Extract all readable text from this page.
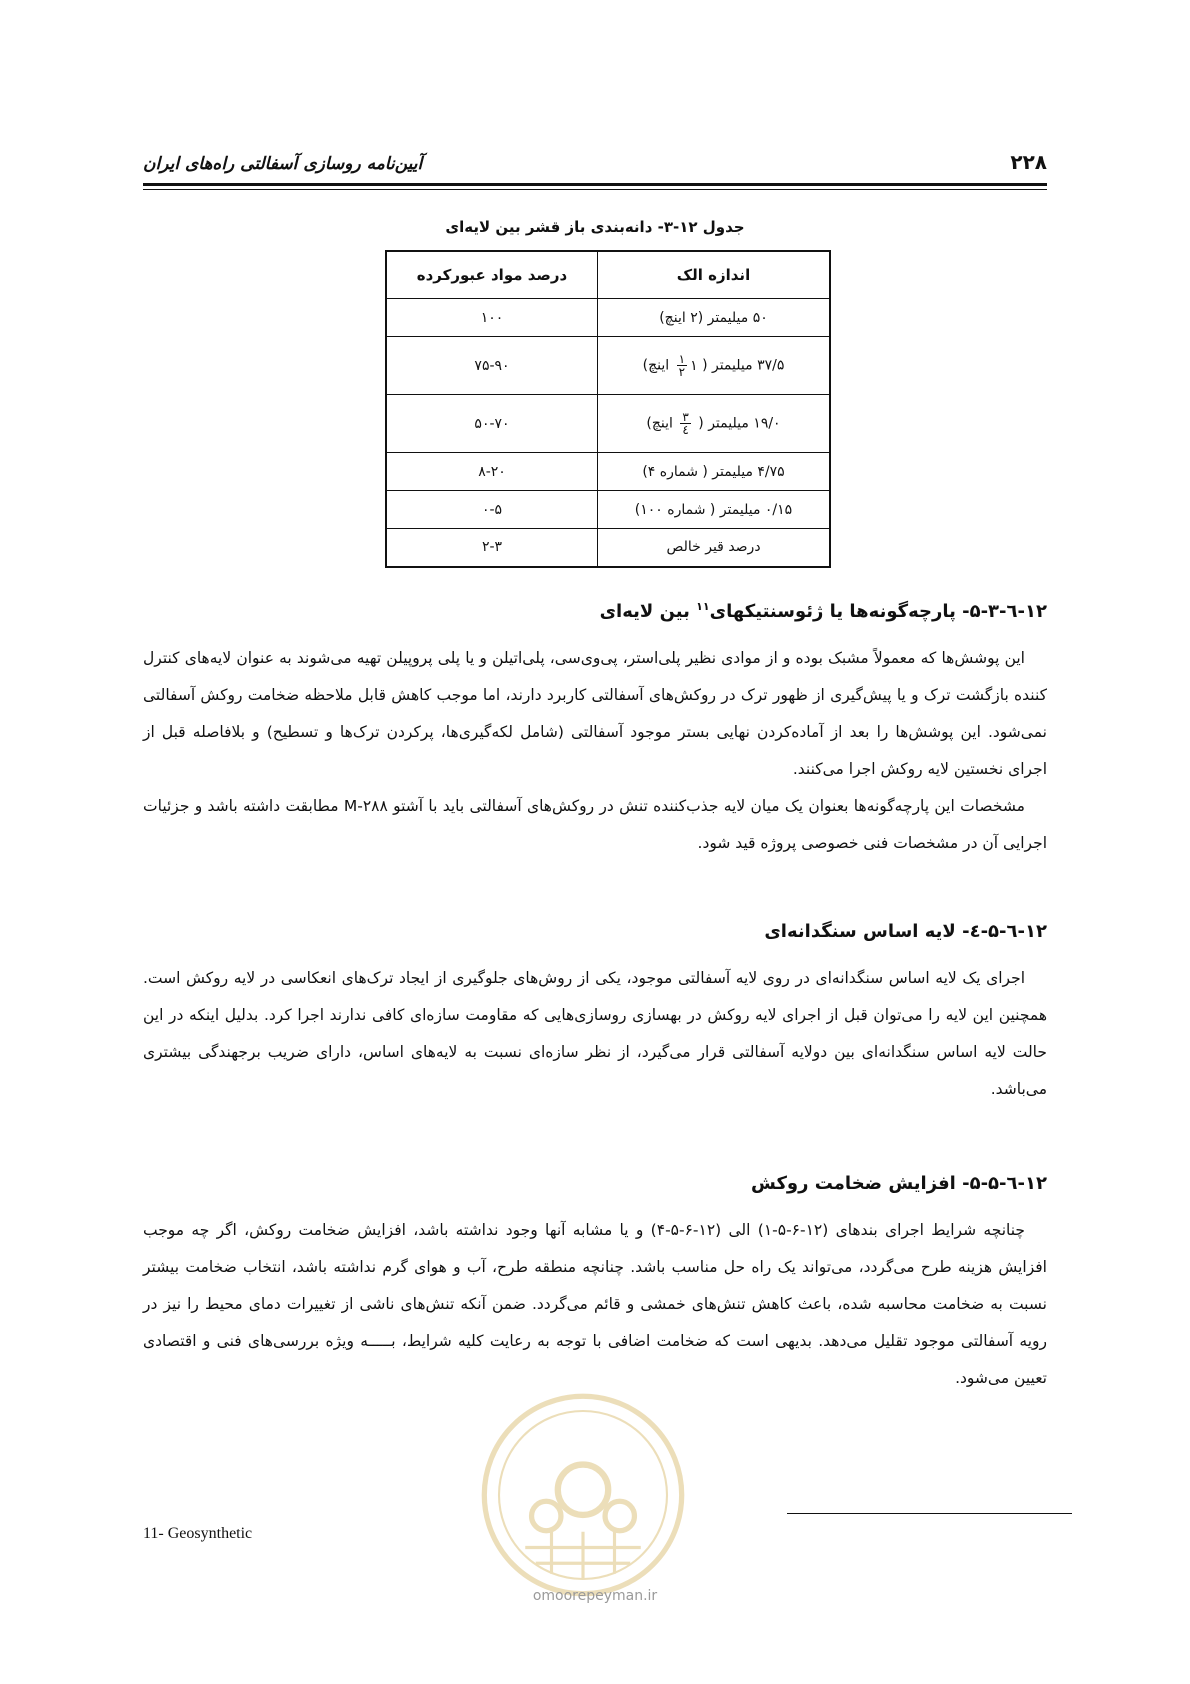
آیین‌نامه روسازی آسفالتی راه‌های ایران	۲۲۸
جدول ۱۲-۳- دانه‌بندی باز قشر بین لایه‌ای
اندازه الک	درصد مواد عبورکرده
۵۰ میلیمتر (۲ اینچ)	۱۰۰
۳۷/۵ میلیمتر ( ۱
$\frac{۱}{۲}$
اینچ)	۷۵-۹۰
۱۹/۰ میلیمتر (
$\frac{۳}{٤}$
اینچ)	۵۰-۷۰
۴/۷۵ میلیمتر ( شماره ۴)	۸-۲۰
۰/۱۵ میلیمتر ( شماره ۱۰۰)	۰-۵
درصد قیر خالص	۲-۳
۱۲-٦-۵-۳- پارچه‌گونه‌ها یا ژئوسنتیکهای$^{۱۱}$ بین لایه‌ای
این پوشش‌ها که معمولاً مشبک بوده و از موادی نظیر پلی‌استر، پی‌وی‌سی، پلی‌اتیلن و یا پلی پروپیلن تهیه می‌شوند به عنوان لایه‌های کنترل کننده بازگشت ترک و یا پیش‌گیری از ظهور ترک در روکش‌های آسفالتی کاربرد دارند، اما موجب کاهش قابل ملاحظه ضخامت روکش آسفالتی نمی‌شود. این پوشش‌ها را بعد از آماده‌کردن نهایی بستر موجود آسفالتی (شامل لکه‌گیری‌ها، پرکردن ترک‌ها و تسطیح) و بلافاصله قبل از اجرای نخستین لایه روکش اجرا می‌کنند.
مشخصات این پارچه‌گونه‌ها بعنوان یک میان لایه جذب‌کننده تنش در روکش‌های آسفالتی باید با آشتو M-۲۸۸ مطابقت داشته باشد و جزئیات اجرایی آن در مشخصات فنی خصوصی پروژه قید شود.
۱۲-٦-۵-٤- لایه اساس سنگدانه‌ای
اجرای یک لایه اساس سنگدانه‌ای در روی لایه آسفالتی موجود، یکی از روش‌های جلوگیری از ایجاد ترک‌های انعکاسی در لایه روکش است. همچنین این لایه را می‌توان قبل از اجرای لایه روکش در بهسازی روسازی‌هایی که مقاومت سازه‌ای کافی ندارند اجرا کرد. بدلیل اینکه در این حالت لایه اساس سنگدانه‌ای بین دولایه آسفالتی قرار می‌گیرد، از نظر سازه‌ای نسبت به لایه‌های اساس، دارای ضریب برجهندگی بیشتری می‌باشد.
۱۲-٦-۵-۵- افزایش ضخامت روکش
چنانچه شرایط اجرای بندهای (۱۲-۶-۵-۱) الی (۱۲-۶-۵-۴) و یا مشابه آنها وجود نداشته باشد، افزایش ضخامت روکش، اگر چه موجب افزایش هزینه طرح می‌گردد، می‌تواند یک راه حل مناسب باشد. چنانچه منطقه طرح، آب و هوای گرم نداشته باشد، انتخاب ضخامت بیشتر نسبت به ضخامت محاسبه شده، باعث کاهش تنش‌های خمشی و قائم می‌گردد. ضمن آنکه تنش‌های ناشی از تغییرات دمای محیط را نیز در رویه آسفالتی موجود تقلیل می‌دهد. بدیهی است که ضخامت اضافی با توجه به رعایت کلیه شرایط، بـــــه ویژه بررسی‌های فنی و اقتصادی تعیین می‌شود.
11- Geosynthetic
omoorepeyman.ir
